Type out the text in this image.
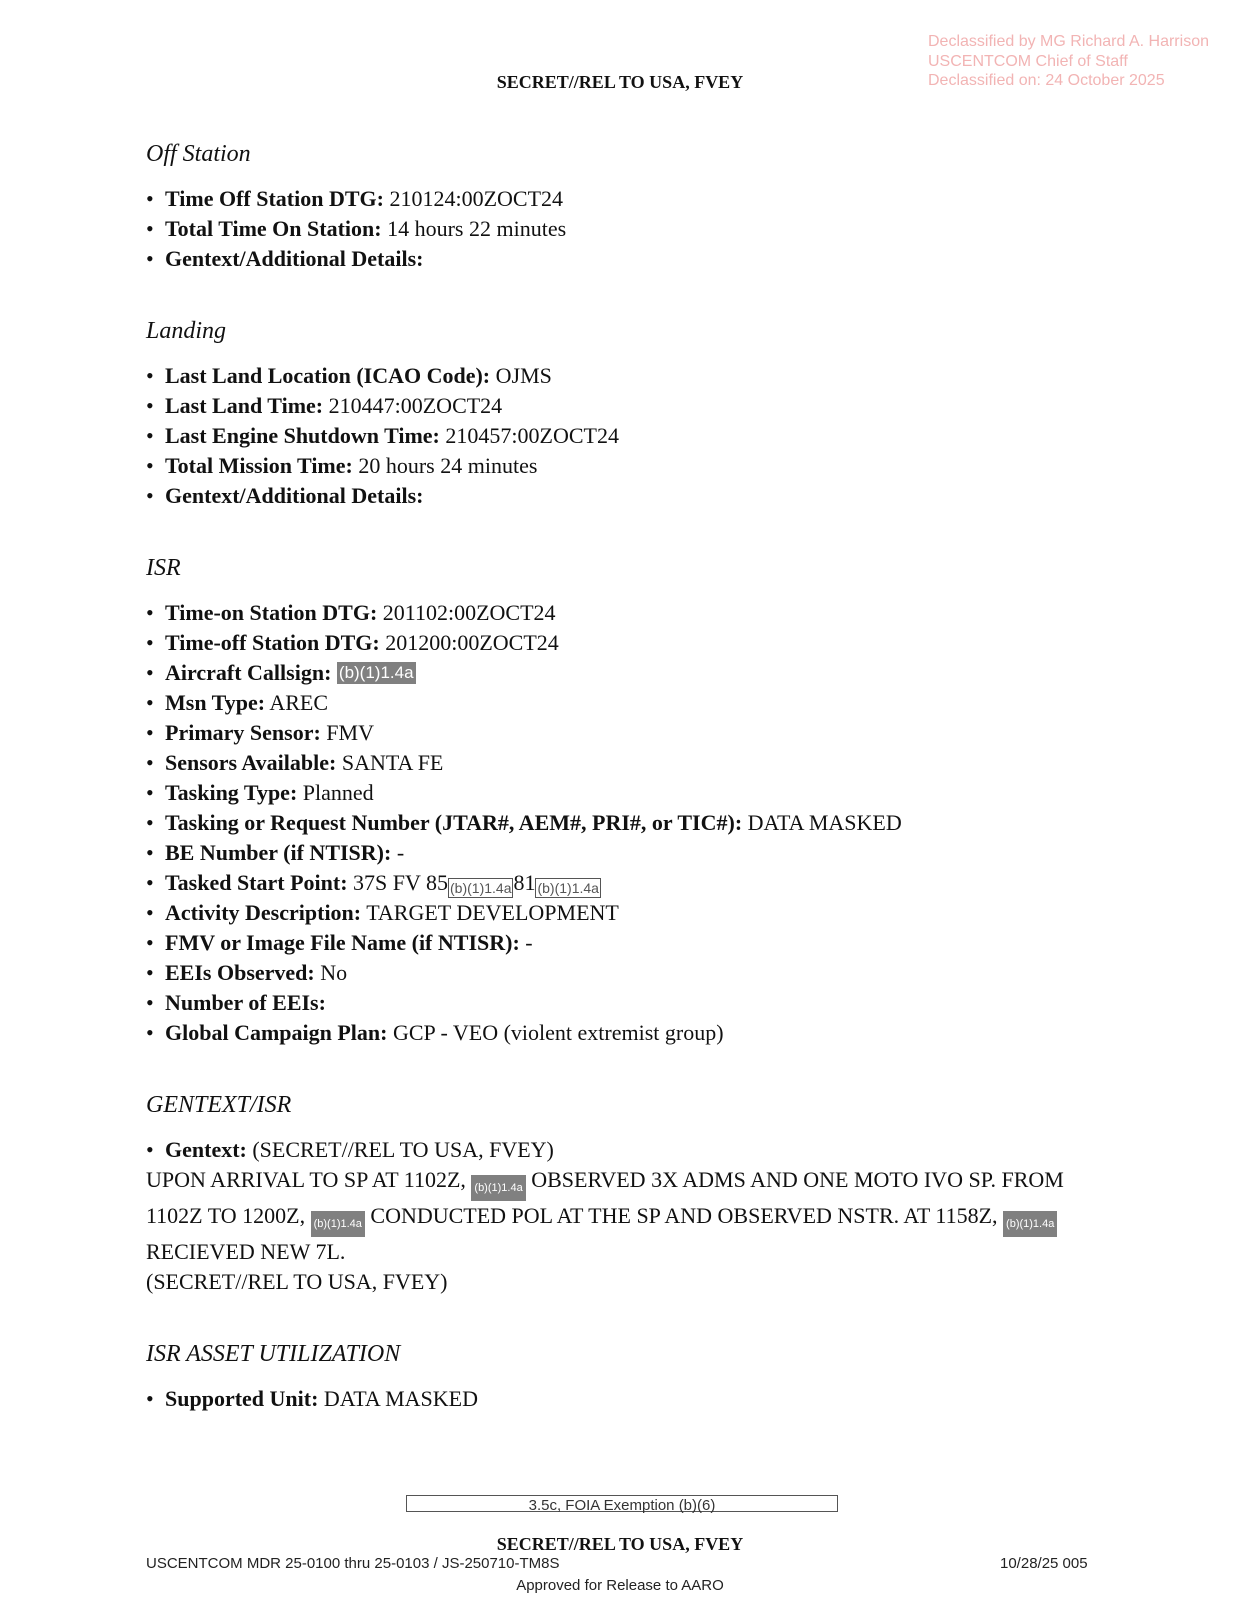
Declassified by MG Richard A. Harrison
USCENTCOM Chief of Staff
Declassified on: 24 October 2025
SECRET//REL TO USA, FVEY
Off Station
• Time Off Station DTG: 210124:00ZOCT24
• Total Time On Station: 14 hours 22 minutes
• Gentext/Additional Details:
Landing
• Last Land Location (ICAO Code): OJMS
• Last Land Time: 210447:00ZOCT24
• Last Engine Shutdown Time: 210457:00ZOCT24
• Total Mission Time: 20 hours 24 minutes
• Gentext/Additional Details:
ISR
• Time-on Station DTG: 201102:00ZOCT24
• Time-off Station DTG: 201200:00ZOCT24
• Aircraft Callsign: (b)(1)1.4a
• Msn Type: AREC
• Primary Sensor: FMV
• Sensors Available: SANTA FE
• Tasking Type: Planned
• Tasking or Request Number (JTAR#, AEM#, PRI#, or TIC#): DATA MASKED
• BE Number (if NTISR): -
• Tasked Start Point: 37S FV 85 (b)(1)1.4a81 (b)(1)1.4a
• Activity Description: TARGET DEVELOPMENT
• FMV or Image File Name (if NTISR): -
• EEIs Observed: No
• Number of EEIs:
• Global Campaign Plan: GCP - VEO (violent extremist group)
GENTEXT/ISR
• Gentext: (SECRET//REL TO USA, FVEY)
UPON ARRIVAL TO SP AT 1102Z, (b)(1)1.4a OBSERVED 3X ADMS AND ONE MOTO IVO SP. FROM 1102Z TO 1200Z, (b)(1)1.4a CONDUCTED POL AT THE SP AND OBSERVED NSTR. AT 1158Z, (b)(1)1.4a RECIEVED NEW 7L.
(SECRET//REL TO USA, FVEY)
ISR ASSET UTILIZATION
• Supported Unit: DATA MASKED
3.5c, FOIA Exemption (b)(6)
SECRET//REL TO USA, FVEY
USCENTCOM MDR 25-0100 thru 25-0103 / JS-250710-TM8S	10/28/25 005
Approved for Release to AARO
